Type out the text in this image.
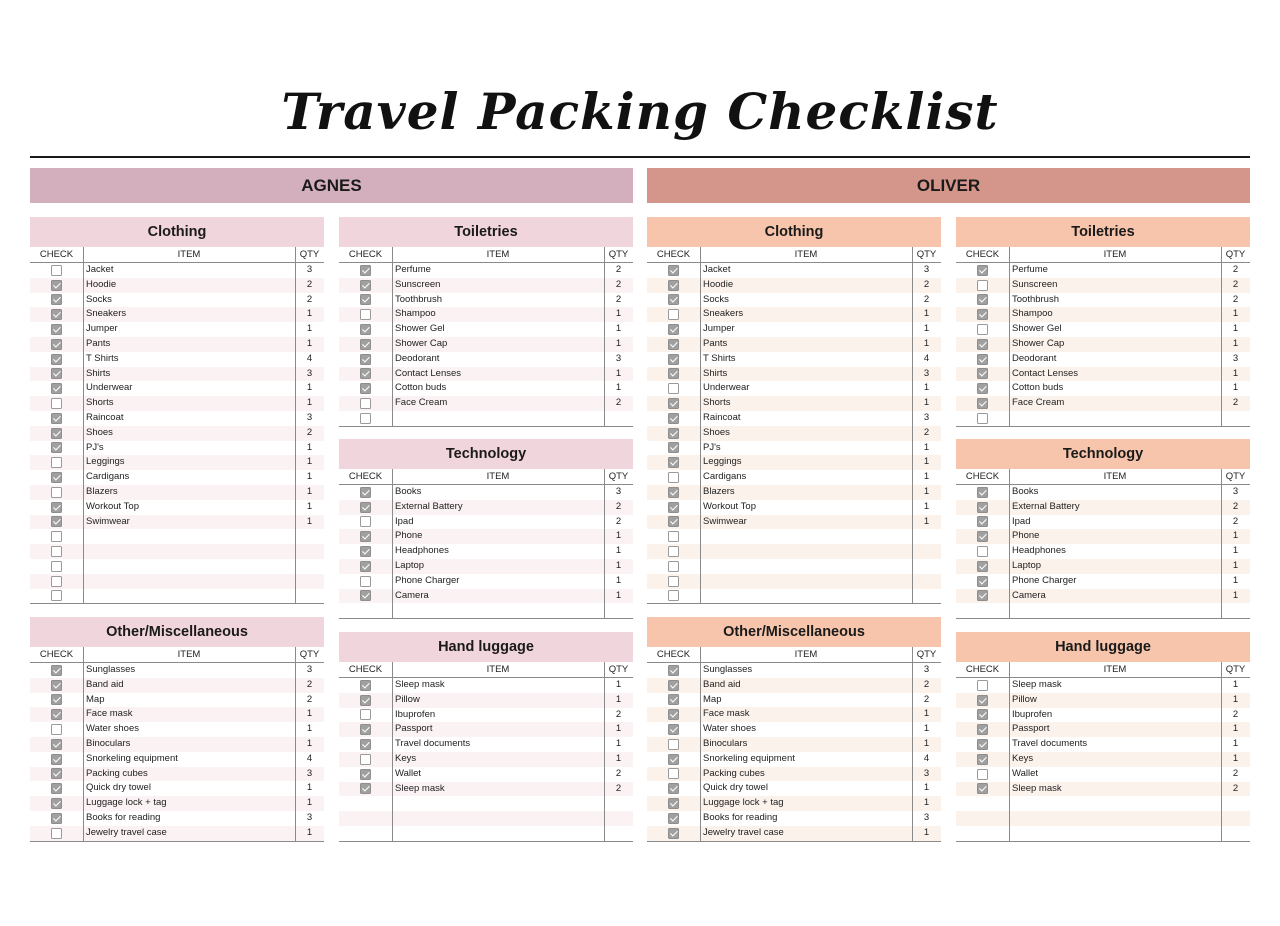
Travel Packing Checklist
AGNES	OLIVER
Clothing
CHECK	ITEM	QTY
Jacket	3
Hoodie	2
Socks	2
Sneakers	1
Jumper	1
Pants	1
T Shirts	4
Shirts	3
Underwear	1
Shorts	1
Raincoat	3
Shoes	2
PJ's	1
Leggings	1
Cardigans	1
Blazers	1
Workout Top	1
Swimwear	1
Toiletries
CHECK	ITEM	QTY
Perfume	2
Sunscreen	2
Toothbrush	2
Shampoo	1
Shower Gel	1
Shower Cap	1
Deodorant	3
Contact Lenses	1
Cotton buds	1
Face Cream	2
Technology
CHECK	ITEM	QTY
Books	3
External Battery	2
Ipad	2
Phone	1
Headphones	1
Laptop	1
Phone Charger	1
Camera	1
Other/Miscellaneous
CHECK	ITEM	QTY
Sunglasses	3
Band aid	2
Map	2
Face mask	1
Water shoes	1
Binoculars	1
Snorkeling equipment	4
Packing cubes	3
Quick dry towel	1
Luggage lock + tag	1
Books for reading	3
Jewelry travel case	1
Hand luggage
CHECK	ITEM	QTY
Sleep mask	1
Pillow	1
Ibuprofen	2
Passport	1
Travel documents	1
Keys	1
Wallet	2
Sleep mask	2
Clothing
CHECK	ITEM	QTY
Jacket	3
Hoodie	2
Socks	2
Sneakers	1
Jumper	1
Pants	1
T Shirts	4
Shirts	3
Underwear	1
Shorts	1
Raincoat	3
Shoes	2
PJ's	1
Leggings	1
Cardigans	1
Blazers	1
Workout Top	1
Swimwear	1
Toiletries
CHECK	ITEM	QTY
Perfume	2
Sunscreen	2
Toothbrush	2
Shampoo	1
Shower Gel	1
Shower Cap	1
Deodorant	3
Contact Lenses	1
Cotton buds	1
Face Cream	2
Technology
CHECK	ITEM	QTY
Books	3
External Battery	2
Ipad	2
Phone	1
Headphones	1
Laptop	1
Phone Charger	1
Camera	1
Other/Miscellaneous
CHECK	ITEM	QTY
Sunglasses	3
Band aid	2
Map	2
Face mask	1
Water shoes	1
Binoculars	1
Snorkeling equipment	4
Packing cubes	3
Quick dry towel	1
Luggage lock + tag	1
Books for reading	3
Jewelry travel case	1
Hand luggage
CHECK	ITEM	QTY
Sleep mask	1
Pillow	1
Ibuprofen	2
Passport	1
Travel documents	1
Keys	1
Wallet	2
Sleep mask	2
